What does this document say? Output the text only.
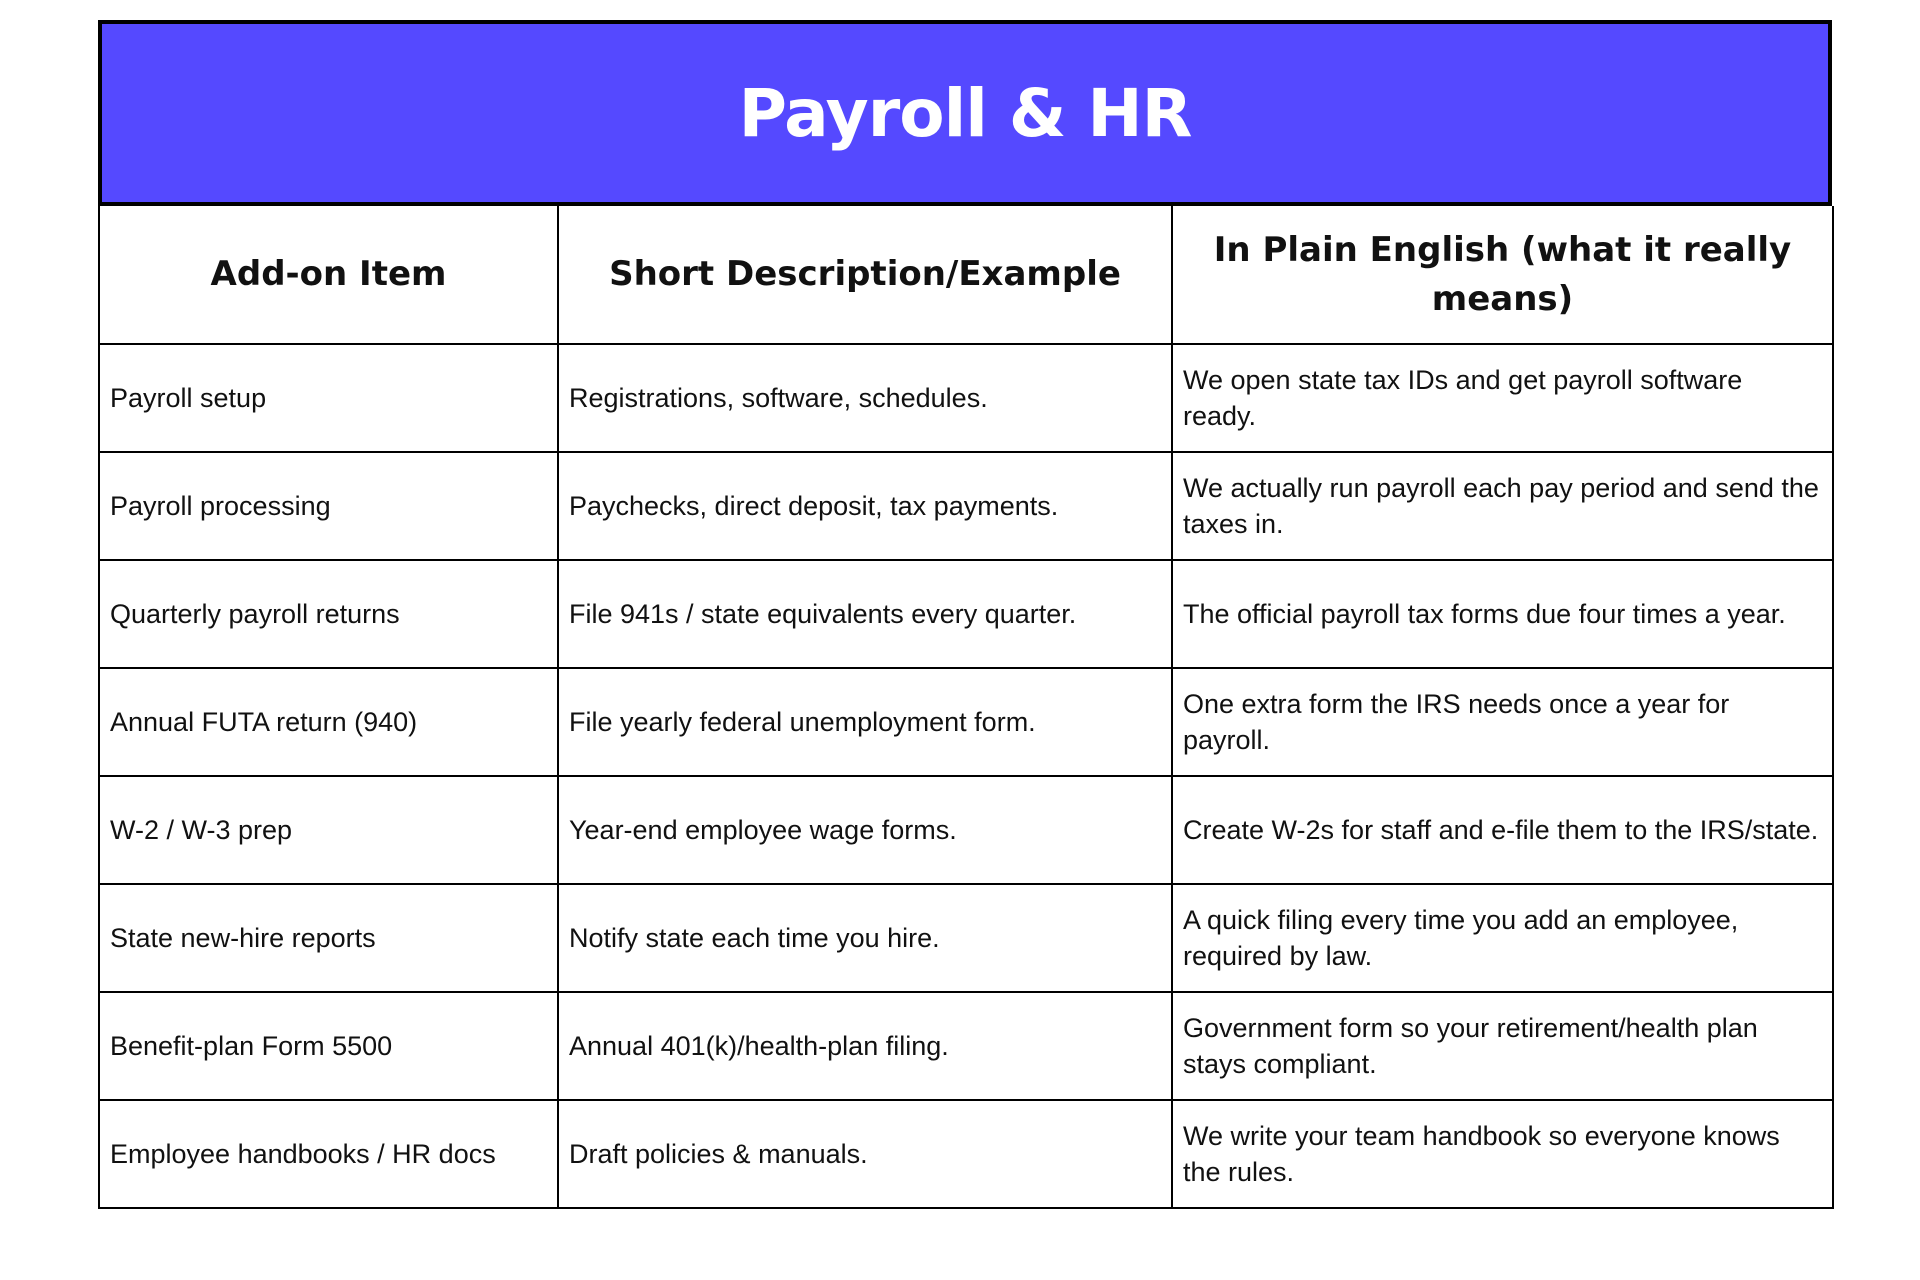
Payroll & HR
Add-on Item	Short Description/Example	In Plain English (what it really means)
Payroll setup	Registrations, software, schedules.	We open state tax IDs and get payroll software ready.
Payroll processing	Paychecks, direct deposit, tax payments.	We actually run payroll each pay period and send the taxes in.
Quarterly payroll returns	File 941s / state equivalents every quarter.	The official payroll tax forms due four times a year.
Annual FUTA return (940)	File yearly federal unemployment form.	One extra form the IRS needs once a year for payroll.
W-2 / W-3 prep	Year-end employee wage forms.	Create W-2s for staff and e-file them to the IRS/state.
State new-hire reports	Notify state each time you hire.	A quick filing every time you add an employee, required by law.
Benefit-plan Form 5500	Annual 401(k)/health-plan filing.	Government form so your retirement/health plan stays compliant.
Employee handbooks / HR docs	Draft policies & manuals.	We write your team handbook so everyone knows the rules.
